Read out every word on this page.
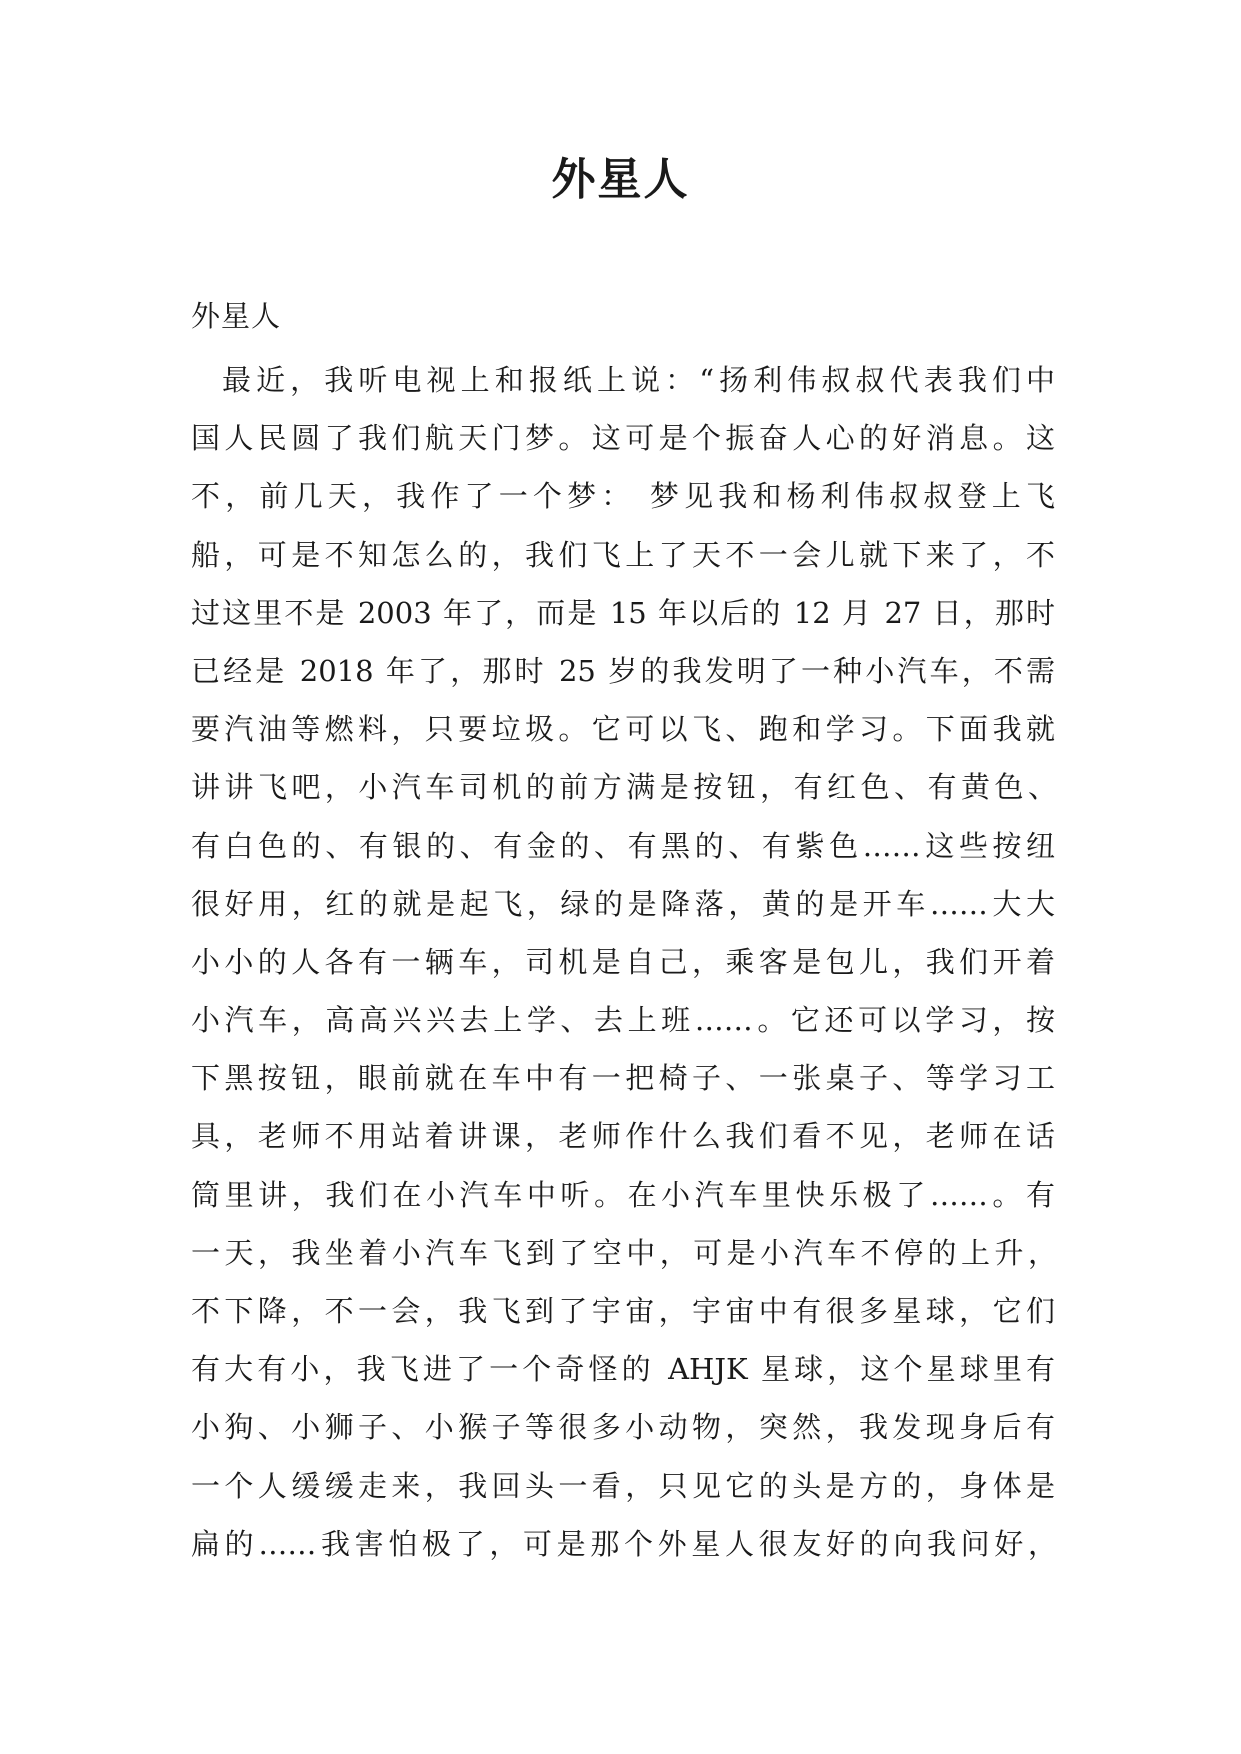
外星人

外星人

最近，我听电视上和报纸上说：“扬利伟叔叔代表我们中
国人民圆了我们航天门梦。这可是个振奋人心的好消息。这
不，前几天，我作了一个梦： 梦见我和杨利伟叔叔登上飞
船，可是不知怎么的，我们飞上了天不一会儿就下来了，不
过这里不是 2003 年了，而是 15 年以后的 12 月 27 日，那时
已经是 2018 年了，那时 25 岁的我发明了一种小汽车，不需
要汽油等燃料，只要垃圾。它可以飞、跑和学习。下面我就
讲讲飞吧，小汽车司机的前方满是按钮，有红色、有黄色、
有白色的、有银的、有金的、有黑的、有紫色……这些按纽
很好用，红的就是起飞，绿的是降落，黄的是开车……大大
小小的人各有一辆车，司机是自己，乘客是包儿，我们开着
小汽车，高高兴兴去上学、去上班……。它还可以学习，按
下黑按钮，眼前就在车中有一把椅子、一张桌子、等学习工
具，老师不用站着讲课，老师作什么我们看不见，老师在话
筒里讲，我们在小汽车中听。在小汽车里快乐极了……。有
一天，我坐着小汽车飞到了空中，可是小汽车不停的上升，
不下降，不一会，我飞到了宇宙，宇宙中有很多星球，它们
有大有小，我飞进了一个奇怪的 AHJK 星球，这个星球里有
小狗、小狮子、小猴子等很多小动物，突然，我发现身后有
一个人缓缓走来，我回头一看，只见它的头是方的，身体是
扁的……我害怕极了，可是那个外星人很友好的向我问好，
